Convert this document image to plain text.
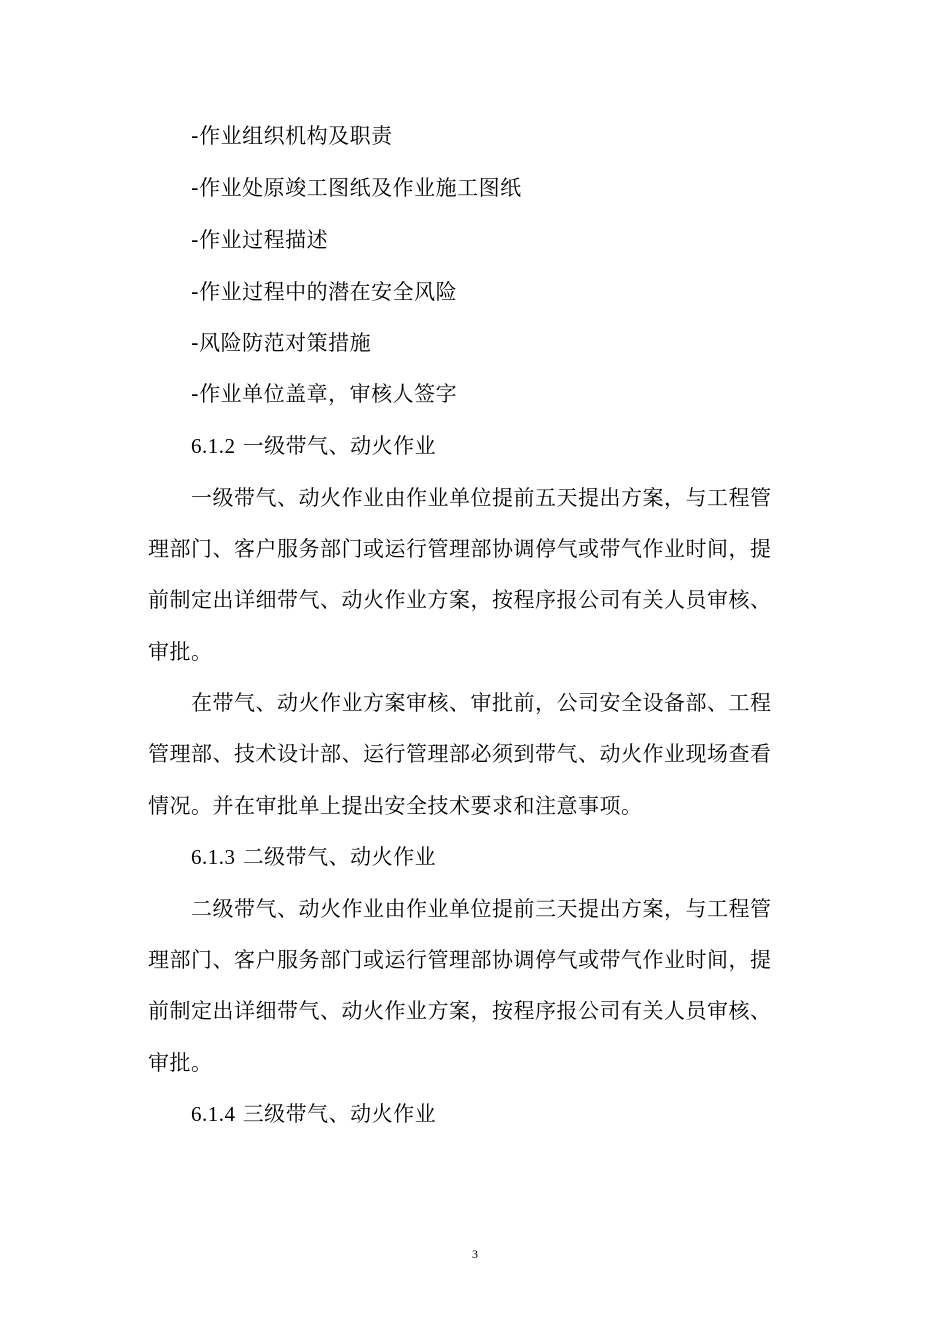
-作业组织机构及职责
-作业处原竣工图纸及作业施工图纸
-作业过程描述
-作业过程中的潜在安全风险
-风险防范对策措施
-作业单位盖章，审核人签字
6.1.2 一级带气、动火作业
一级带气、动火作业由作业单位提前五天提出方案，与工程管
理部门、客户服务部门或运行管理部协调停气或带气作业时间，提
前制定出详细带气、动火作业方案，按程序报公司有关人员审核、
审批。
在带气、动火作业方案审核、审批前，公司安全设备部、工程
管理部、技术设计部、运行管理部必须到带气、动火作业现场查看
情况。并在审批单上提出安全技术要求和注意事项。
6.1.3 二级带气、动火作业
二级带气、动火作业由作业单位提前三天提出方案，与工程管
理部门、客户服务部门或运行管理部协调停气或带气作业时间，提
前制定出详细带气、动火作业方案，按程序报公司有关人员审核、
审批。
6.1.4 三级带气、动火作业
3
